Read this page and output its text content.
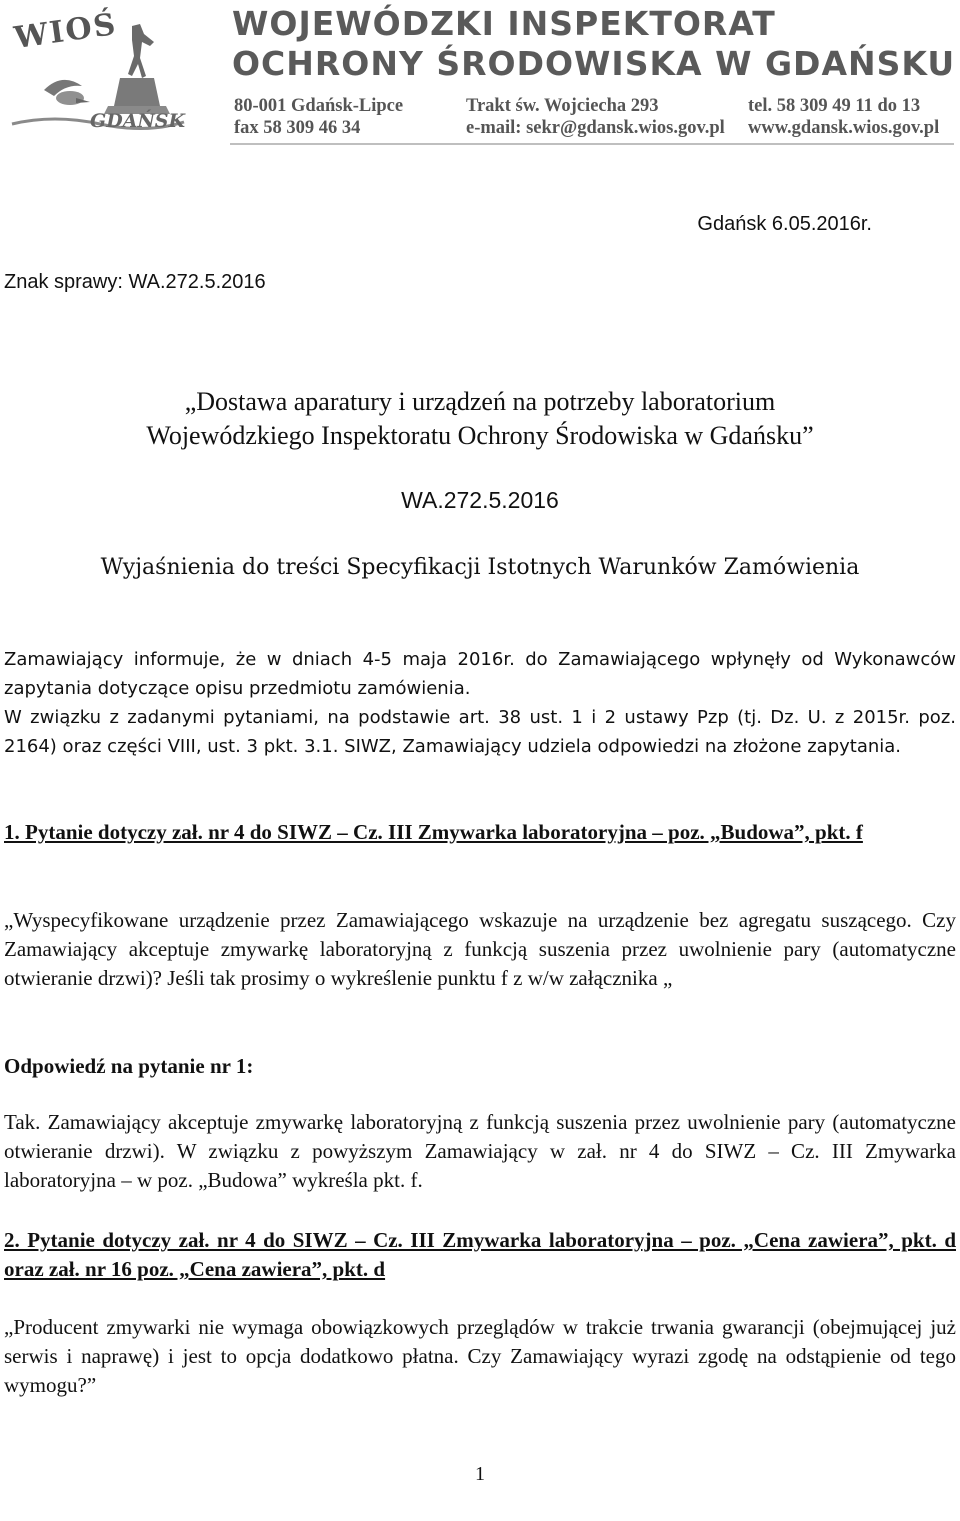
WIOŚ
GDAŃSK
WOJEWÓDZKI INSPEKTORAT
OCHRONY ŚRODOWISKA W GDAŃSKU
80-001 Gdańsk-Lipce
fax 58 309 46 34
Trakt św. Wojciecha 293
e-mail: sekr@gdansk.wios.gov.pl
tel. 58 309 49 11 do 13
www.gdansk.wios.gov.pl
Gdańsk 6.05.2016r.
Znak sprawy: WA.272.5.2016
„Dostawa aparatury i urządzeń na potrzeby laboratorium
Wojewódzkiego Inspektoratu Ochrony Środowiska w Gdańsku”
WA.272.5.2016
Wyjaśnienia do treści Specyfikacji Istotnych Warunków Zamówienia
Zamawiający informuje, że w dniach 4-5 maja 2016r. do Zamawiającego wpłynęły od Wykonawców zapytania dotyczące opisu przedmiotu zamówienia.
W związku z zadanymi pytaniami, na podstawie art. 38 ust. 1 i 2 ustawy Pzp (tj. Dz. U. z 2015r. poz. 2164) oraz części VIII, ust. 3 pkt. 3.1. SIWZ, Zamawiający udziela odpowiedzi na złożone zapytania.
1. Pytanie dotyczy zał. nr 4 do SIWZ – Cz. III Zmywarka laboratoryjna – poz. „Budowa”, pkt. f
„Wyspecyfikowane urządzenie przez Zamawiającego wskazuje na urządzenie bez agregatu suszącego. Czy Zamawiający akceptuje zmywarkę laboratoryjną z funkcją suszenia przez uwolnienie pary (automatyczne otwieranie drzwi)? Jeśli tak prosimy o wykreślenie punktu f z w/w załącznika „
Odpowiedź na pytanie nr 1:
Tak. Zamawiający akceptuje zmywarkę laboratoryjną z funkcją suszenia przez uwolnienie pary (automatyczne otwieranie drzwi). W związku z powyższym Zamawiający w zał. nr 4 do SIWZ – Cz. III Zmywarka laboratoryjna – w poz. „Budowa” wykreśla pkt. f.
2. Pytanie dotyczy zał. nr 4 do SIWZ – Cz. III Zmywarka laboratoryjna – poz. „Cena zawiera”, pkt. d oraz zał. nr 16 poz. „Cena zawiera”, pkt. d
„Producent zmywarki nie wymaga obowiązkowych przeglądów w trakcie trwania gwarancji (obejmującej już serwis i naprawę) i jest to opcja dodatkowo płatna. Czy Zamawiający wyrazi zgodę na odstąpienie od tego wymogu?”
1
